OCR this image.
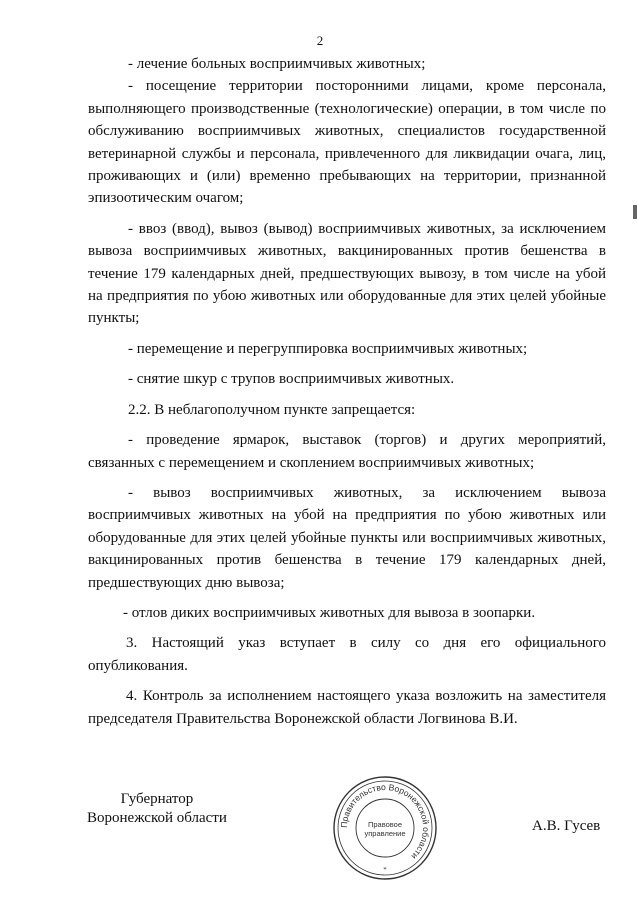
2

- лечение больных восприимчивых животных;

- посещение территории посторонними лицами, кроме персонала, выполняющего производственные (технологические) операции, в том числе по обслуживанию восприимчивых животных, специалистов государственной ветеринарной службы и персонала, привлеченного для ликвидации очага, лиц, проживающих и (или) временно пребывающих на территории, признанной эпизоотическим очагом;

- ввоз (ввод), вывоз (вывод) восприимчивых животных, за исключением вывоза восприимчивых животных, вакцинированных против бешенства в течение 179 календарных дней, предшествующих вывозу, в том числе на убой на предприятия по убою животных или оборудованные для этих целей убойные пункты;

- перемещение и перегруппировка восприимчивых животных;

- снятие шкур с трупов восприимчивых животных.

2.2. В неблагополучном пункте запрещается:

- проведение ярмарок, выставок (торгов) и других мероприятий, связанных с перемещением и скоплением восприимчивых животных;

- вывоз восприимчивых животных, за исключением вывоза восприимчивых животных на убой на предприятия по убою животных или оборудованные для этих целей убойные пункты или восприимчивых животных, вакцинированных против бешенства в течение 179 календарных дней, предшествующих дню вывоза;

- отлов диких восприимчивых животных для вывоза в зоопарки.

3. Настоящий указ вступает в силу со дня его официального опубликования.

4. Контроль за исполнением настоящего указа возложить на заместителя председателя Правительства Воронежской области Логвинова В.И.

Губернатор
Воронежской области	Правительство Воронежской области
Правовое
управление
*
А.В. Гусев
